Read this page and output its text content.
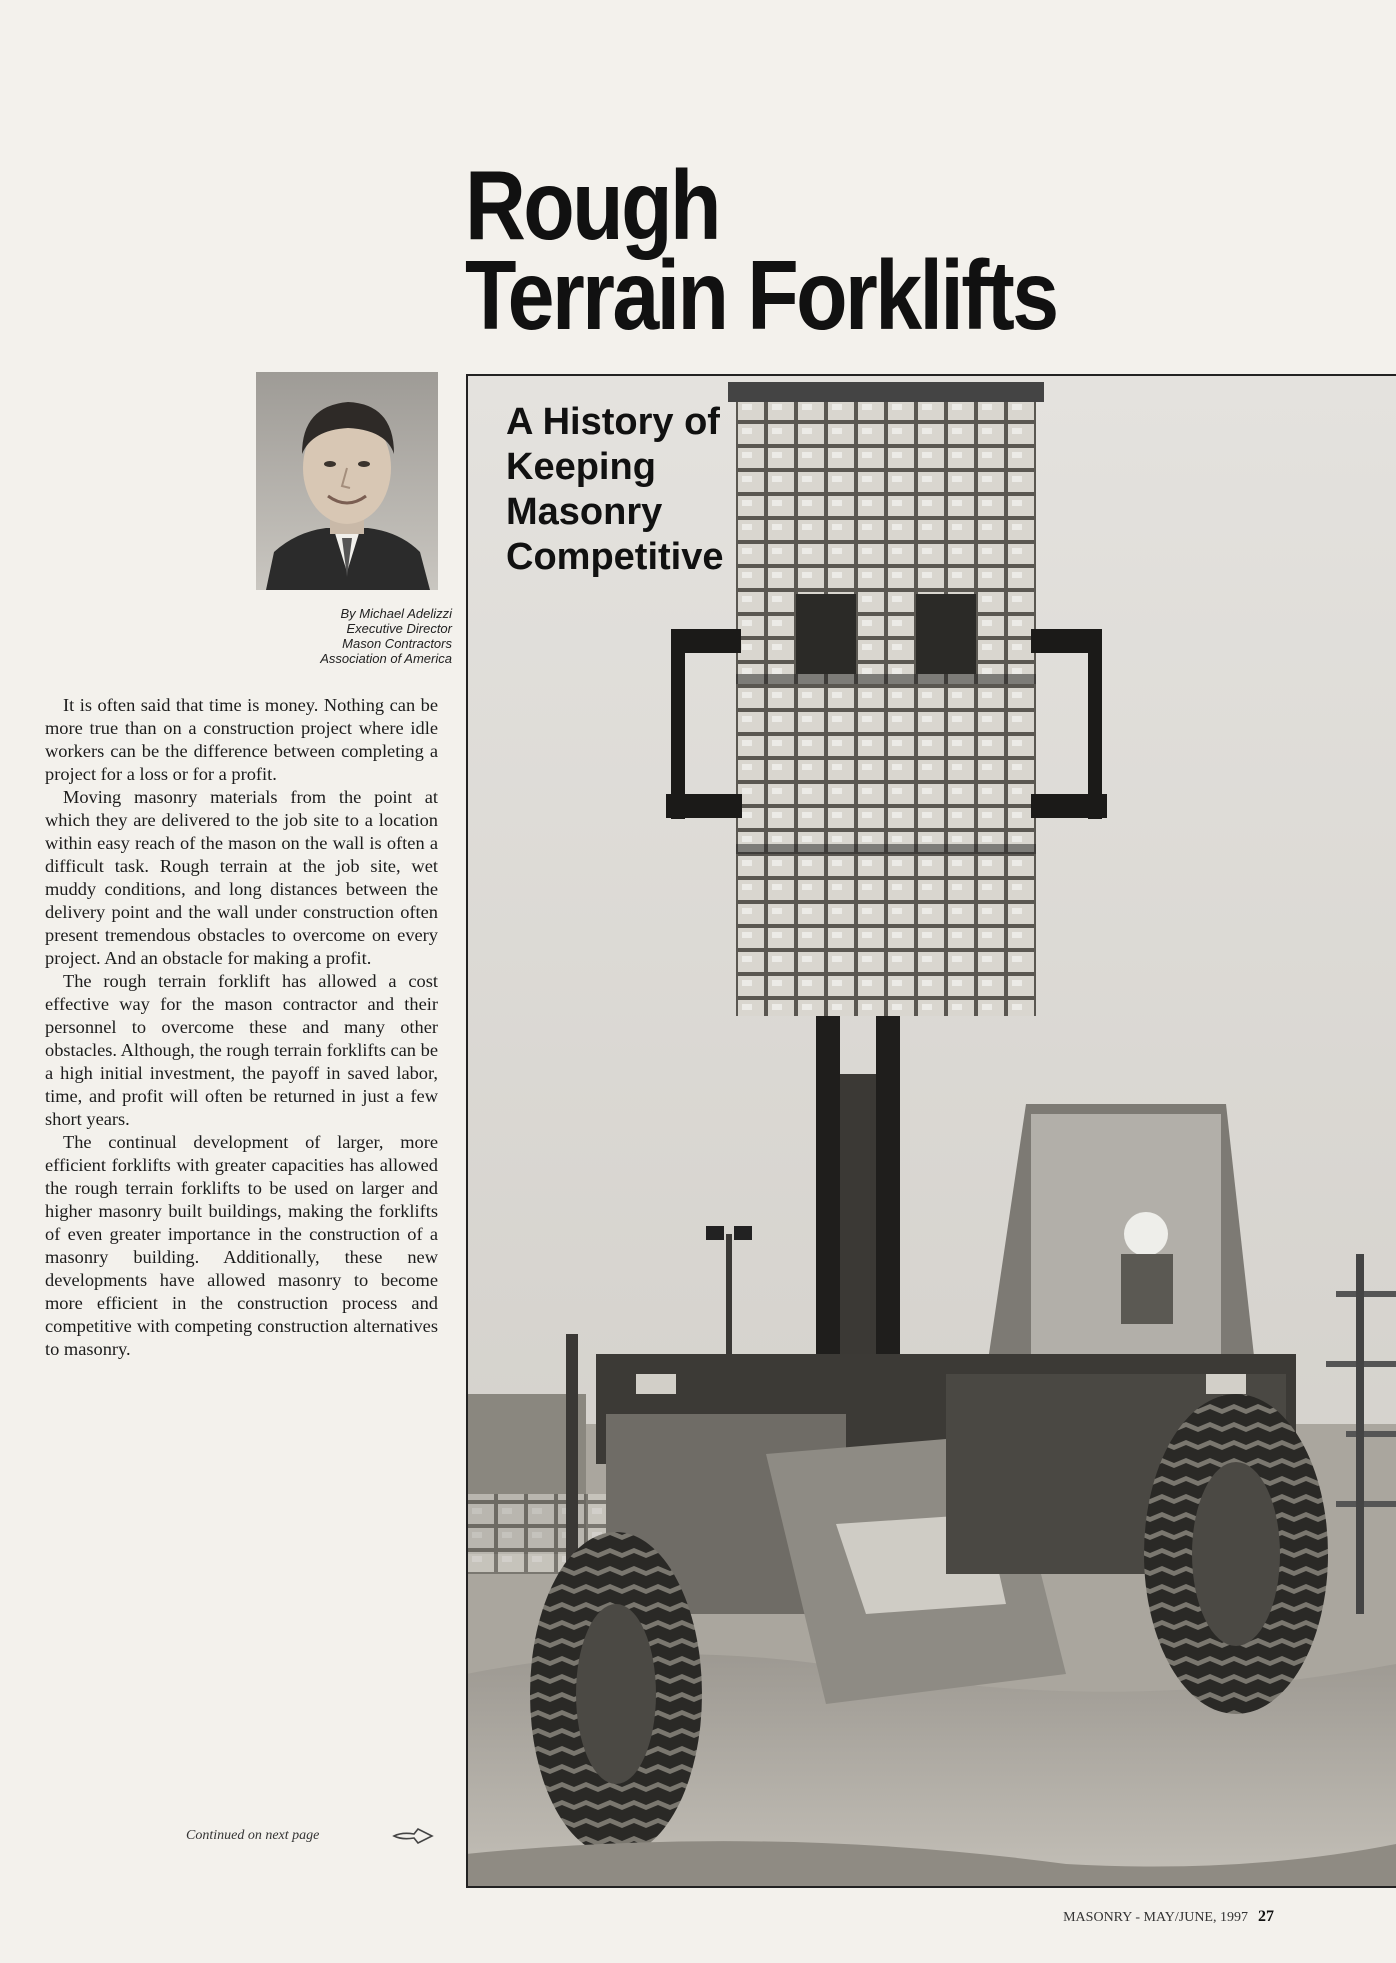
Rough
Terrain Forklifts
By Michael Adelizzi
Executive Director
Mason Contractors
Association of America

It is often said that time is money. Nothing can be more true than on a construction project where idle workers can be the difference between completing a project for a loss or for a profit.

Moving masonry materials from the point at which they are delivered to the job site to a location within easy reach of the mason on the wall is often a difficult task. Rough terrain at the job site, wet muddy conditions, and long distances between the delivery point and the wall under construction often present tremendous obstacles to overcome on every project. And an obstacle for making a profit.

The rough terrain forklift has allowed a cost effective way for the mason contractor and their personnel to overcome these and many other obstacles. Although, the rough terrain forklifts can be a high initial investment, the payoff in saved labor, time, and profit will often be returned in just a few short years.

The continual development of larger, more efficient forklifts with greater capacities has allowed the rough terrain forklifts to be used on larger and higher masonry built buildings, making the forklifts of even greater importance in the construction of a masonry building. Additionally, these new developments have allowed masonry to become more efficient in the construction process and competitive with competing construction alternatives to masonry.

Continued on next page
A History of
Keeping
Masonry
Competitive
MASONRY - MAY/JUNE, 1997 27
